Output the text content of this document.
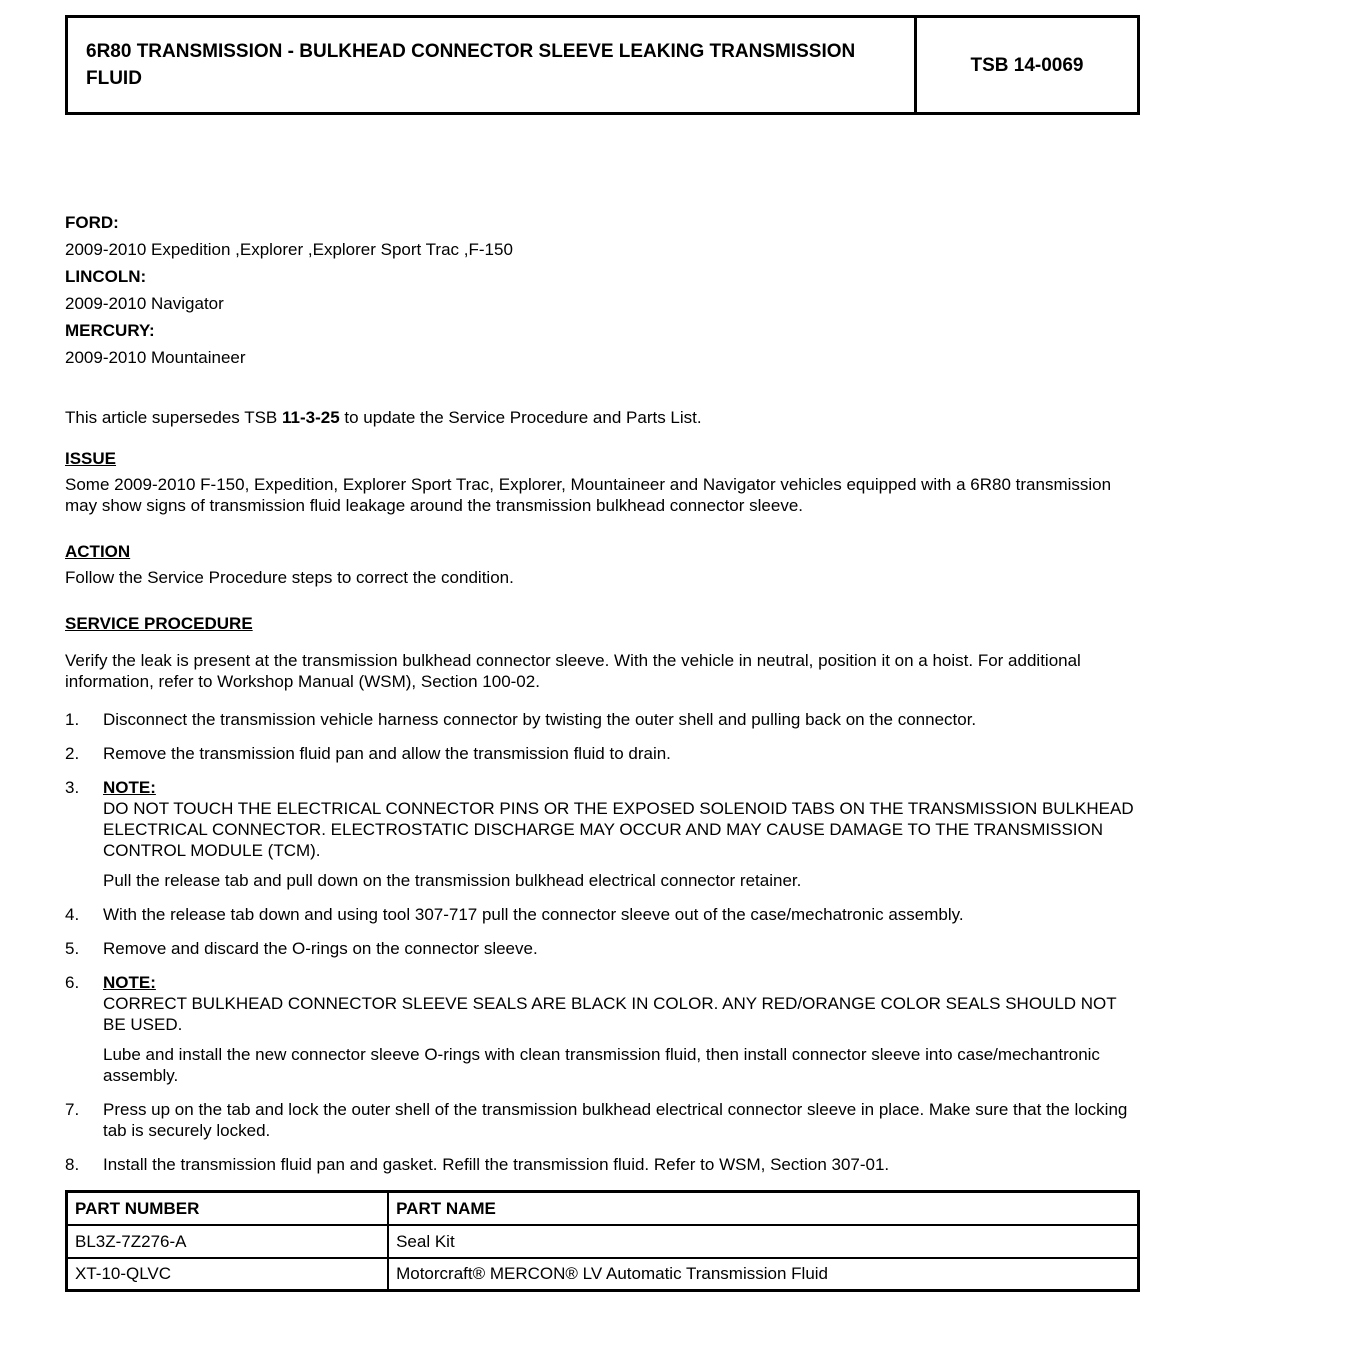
6R80 TRANSMISSION - BULKHEAD CONNECTOR SLEEVE LEAKING TRANSMISSION FLUID
TSB 14-0069
FORD:
2009-2010 Expedition ,Explorer ,Explorer Sport Trac ,F-150
LINCOLN:
2009-2010 Navigator
MERCURY:
2009-2010 Mountaineer

This article supersedes TSB 11-3-25 to update the Service Procedure and Parts List.

ISSUE

Some 2009-2010 F-150, Expedition, Explorer Sport Trac, Explorer, Mountaineer and Navigator vehicles equipped with a 6R80 transmission may show signs of transmission fluid leakage around the transmission bulkhead connector sleeve.

ACTION

Follow the Service Procedure steps to correct the condition.

SERVICE PROCEDURE

Verify the leak is present at the transmission bulkhead connector sleeve. With the vehicle in neutral, position it on a hoist. For additional information, refer to Workshop Manual (WSM), Section 100-02.

1.	Disconnect the transmission vehicle harness connector by twisting the outer shell and pulling back on the connector.

2.	Remove the transmission fluid pan and allow the transmission fluid to drain.

3.	NOTE:

DO NOT TOUCH THE ELECTRICAL CONNECTOR PINS OR THE EXPOSED SOLENOID TABS ON THE TRANSMISSION BULKHEAD ELECTRICAL CONNECTOR. ELECTROSTATIC DISCHARGE MAY OCCUR AND MAY CAUSE DAMAGE TO THE TRANSMISSION CONTROL MODULE (TCM).

Pull the release tab and pull down on the transmission bulkhead electrical connector retainer.

4.	With the release tab down and using tool 307-717 pull the connector sleeve out of the case/mechatronic assembly.

5.	Remove and discard the O-rings on the connector sleeve.

6.	NOTE:

CORRECT BULKHEAD CONNECTOR SLEEVE SEALS ARE BLACK IN COLOR. ANY RED/ORANGE COLOR SEALS SHOULD NOT BE USED.

Lube and install the new connector sleeve O-rings with clean transmission fluid, then install connector sleeve into case/mechantronic assembly.

7.	Press up on the tab and lock the outer shell of the transmission bulkhead electrical connector sleeve in place. Make sure that the locking tab is securely locked.

8.	Install the transmission fluid pan and gasket. Refill the transmission fluid. Refer to WSM, Section 307-01.

PART NUMBER	PART NAME
BL3Z-7Z276-A	Seal Kit
XT-10-QLVC	Motorcraft® MERCON® LV Automatic Transmission Fluid
